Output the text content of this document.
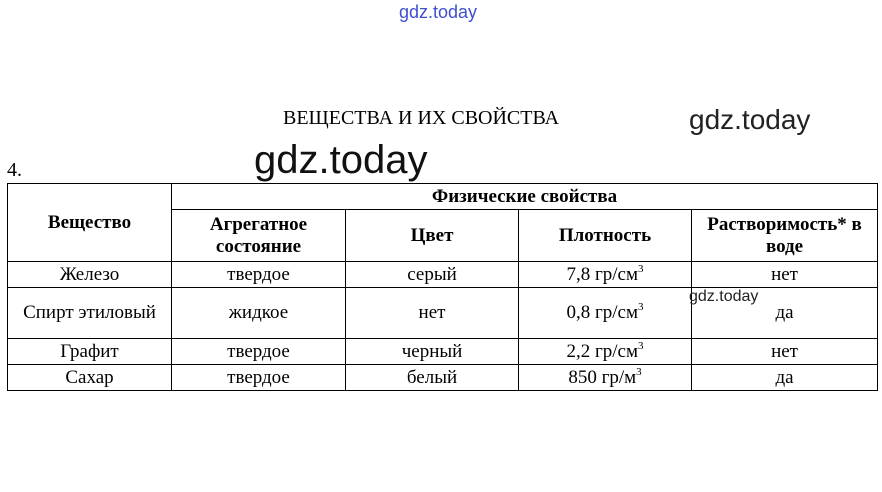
gdz.today
ВЕЩЕСТВА И ИХ СВОЙСТВА	gdz.today
gdz.today
4.
gdz.today
Вещество	Физические свойства			
	Агрегатное состояние	Цвет	Плотность	Растворимость* в воде
Железо	твердое	серый	7,8 $гр/см^3$	нет
Спирт этиловый	жидкое	нет	0,8 $гр/см^3$	да
Графит	твердое	черный	2,2 $гр/см^3$	нет
Сахар	твердое	белый	850 $гр/м^3$	да
